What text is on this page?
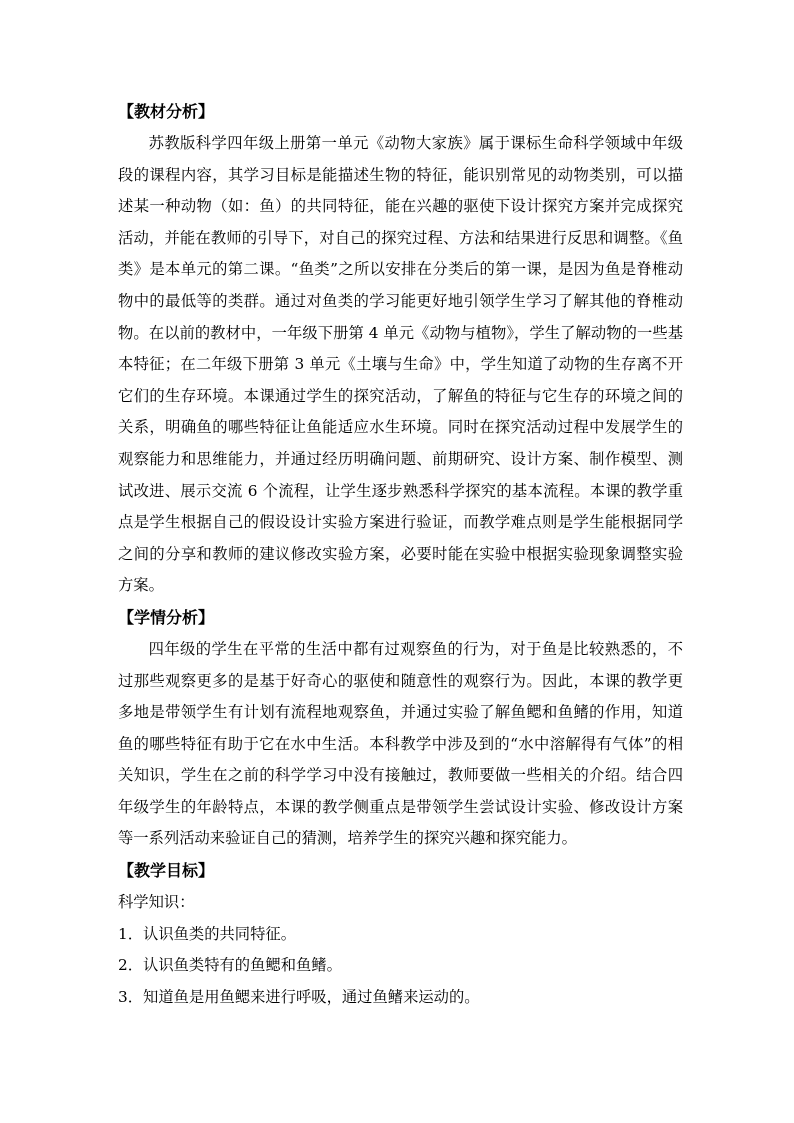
【教材分析】

苏教版科学四年级上册第一单元《动物大家族》属于课标生命科学领域中年级段的课程内容，其学习目标是能描述生物的特征，能识别常见的动物类别，可以描述某一种动物（如：鱼）的共同特征，能在兴趣的驱使下设计探究方案并完成探究活动，并能在教师的引导下，对自己的探究过程、方法和结果进行反思和调整。《鱼类》是本单元的第二课。“鱼类”之所以安排在分类后的第一课，是因为鱼是脊椎动物中的最低等的类群。通过对鱼类的学习能更好地引领学生学习了解其他的脊椎动物。在以前的教材中，一年级下册第 4 单元《动物与植物》，学生了解动物的一些基本特征；在二年级下册第 3 单元《土壤与生命》中，学生知道了动物的生存离不开它们的生存环境。本课通过学生的探究活动，了解鱼的特征与它生存的环境之间的关系，明确鱼的哪些特征让鱼能适应水生环境。同时在探究活动过程中发展学生的观察能力和思维能力，并通过经历明确问题、前期研究、设计方案、制作模型、测试改进、展示交流 6 个流程，让学生逐步熟悉科学探究的基本流程。本课的教学重点是学生根据自己的假设设计实验方案进行验证，而教学难点则是学生能根据同学之间的分享和教师的建议修改实验方案，必要时能在实验中根据实验现象调整实验方案。

【学情分析】

四年级的学生在平常的生活中都有过观察鱼的行为，对于鱼是比较熟悉的，不过那些观察更多的是基于好奇心的驱使和随意性的观察行为。因此，本课的教学更多地是带领学生有计划有流程地观察鱼，并通过实验了解鱼鳃和鱼鳍的作用，知道鱼的哪些特征有助于它在水中生活。本科教学中涉及到的“水中溶解得有气体”的相关知识，学生在之前的科学学习中没有接触过，教师要做一些相关的介绍。结合四年级学生的年龄特点，本课的教学侧重点是带领学生尝试设计实验、修改设计方案等一系列活动来验证自己的猜测，培养学生的探究兴趣和探究能力。

【教学目标】

科学知识：

1．认识鱼类的共同特征。

2．认识鱼类特有的鱼鳃和鱼鳍。

3．知道鱼是用鱼鳃来进行呼吸，通过鱼鳍来运动的。
